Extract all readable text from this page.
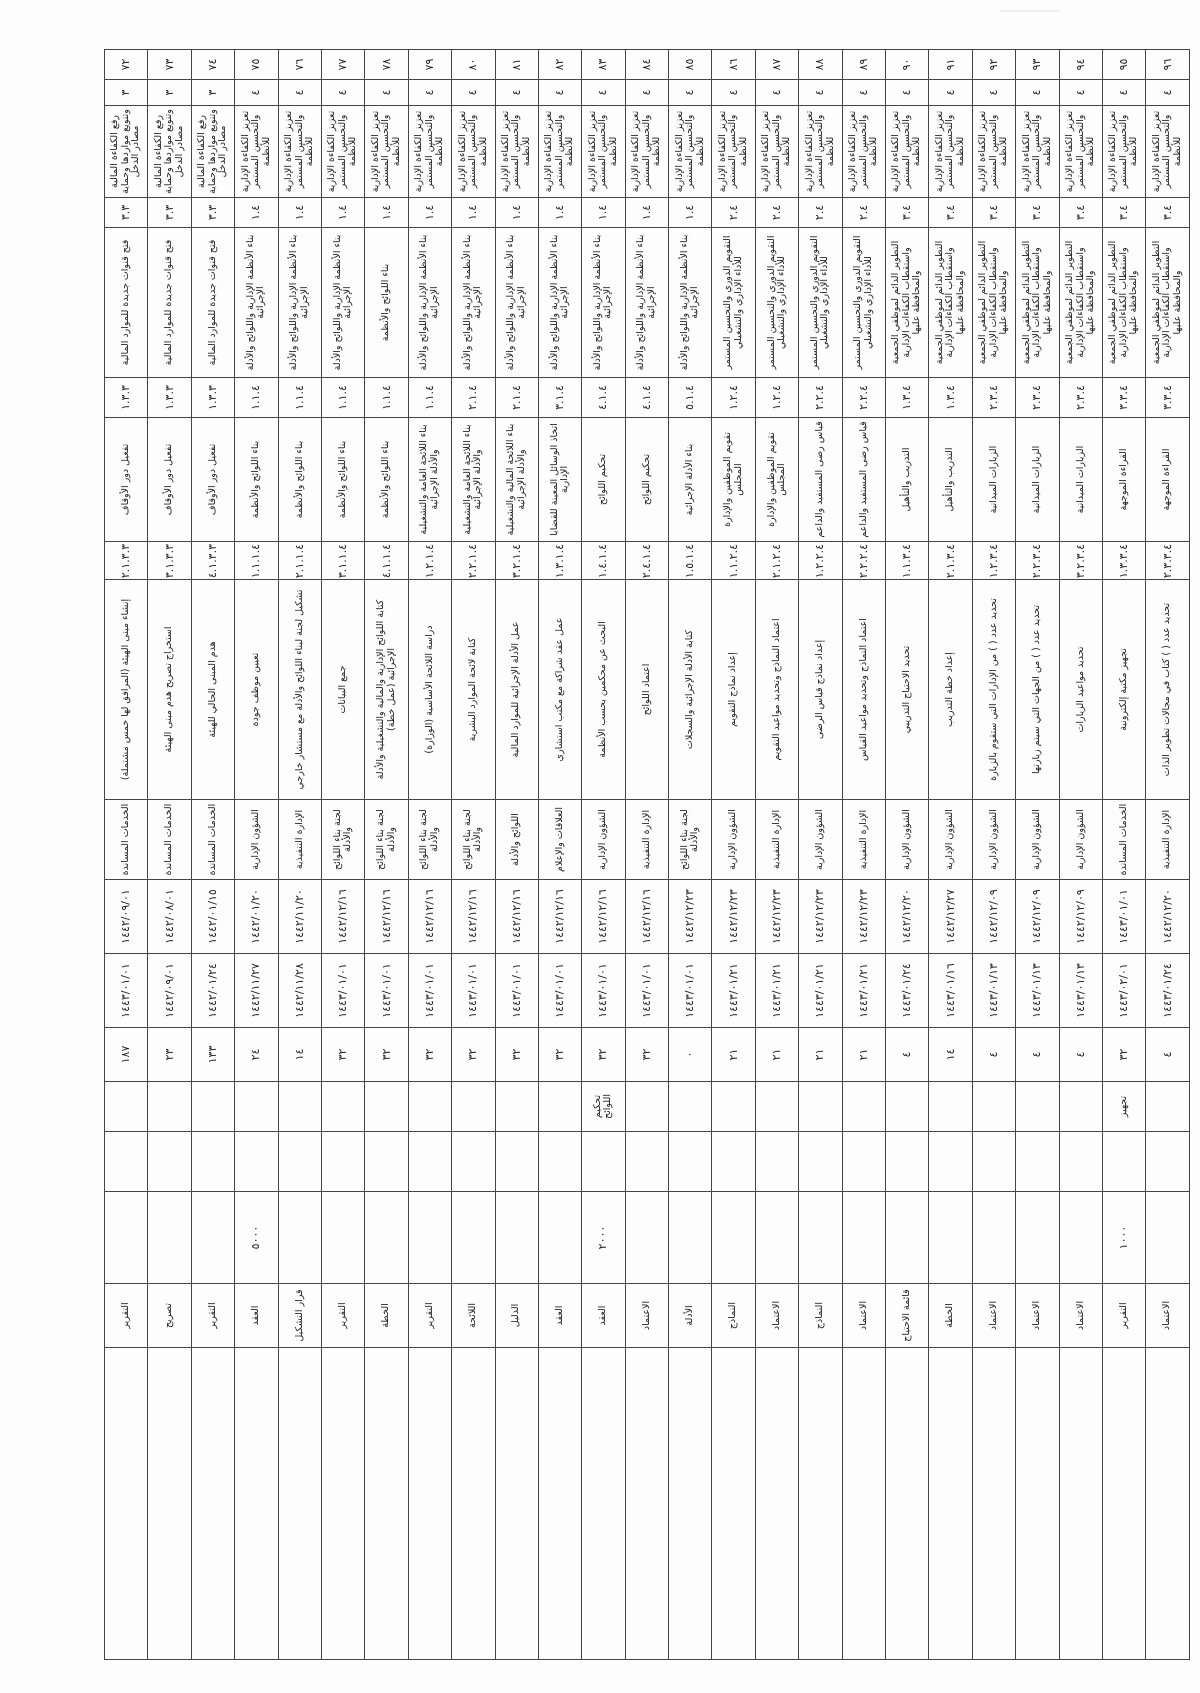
٧٢	٣	رفع الكفاءة المالية وتنويع مواردها وحماية مصادر الدخل	٣.٣	فتح قنوات جديدة للموارد المالية	١.٣.٣	تفعيل دور الأوقاف	٢.١.٣.٣	إنشاء مبنى الهيئة (المرافق لها خمس مشتملة)	الخدمات المساندة	١٤٤٢/٠٩/٠١	١٤٤٣/٠١/٠١	١٨٧				التقرير	
٧٣	٣	رفع الكفاءة المالية وتنويع مواردها وحماية مصادر الدخل	٣.٣	فتح قنوات جديدة للموارد المالية	١.٣.٣	تفعيل دور الأوقاف	٣.١.٣.٣	استخراج تصريح هدم مبنى الهيئة	الخدمات المساندة	١٤٤٢/٠٨/٠١	١٤٤٢/٠٩/٠١	٢٣				تصريح	
٧٤	٣	رفع الكفاءة المالية وتنويع مواردها وحماية مصادر الدخل	٣.٣	فتح قنوات جديدة للموارد المالية	١.٣.٣	تفعيل دور الأوقاف	٤.١.٣.٣	هدم المبنى الحالي للهيئة	الخدمات المساندة	١٤٤٢/٠١/١٥	١٤٤٢/٠١/٢٤	١٣٣				التقرير	
٧٥	٤	تعزيز الكفاءة الإدارية والتحسين المستمر للأنظمة	١.٤	بناء الأنظمة الإدارية واللوائح والأدلة الإجرائية	١.١.٤	بناء اللوائح والأنظمة	١.١.١.٤	تعيين موظف جودة	الشؤون الإدارية	١٤٤٢/٠١/٢٠	١٤٤٢/١١/٢٧	٢٤			٥٠٠٠	العقد	
٧٦	٤	تعزيز الكفاءة الإدارية والتحسين المستمر للأنظمة	١.٤	بناء الأنظمة الإدارية واللوائح والأدلة الإجرائية	١.١.٤	بناء اللوائح والأنظمة	٢.١.١.٤	تشكيل لجنة لبناء اللوائح والأدلة مع مستشار خارجي	الإدارة التنفيذية	١٤٤٢/١١/٢٠	١٤٤٢/١١/٢٨	١٤				قرار التشكيل	
٧٧	٤	تعزيز الكفاءة الإدارية والتحسين المستمر للأنظمة	١.٤	بناء الأنظمة الإدارية واللوائح والأدلة الإجرائية	١.١.٤	بناء اللوائح والأنظمة	٣.١.١.٤	جمع البيانات	لجنة بناء اللوائح والأدلة	١٤٤٢/١٢/١٦	١٤٤٣/٠١/٠١	٣٢				التقرير	
٧٨	٤	تعزيز الكفاءة الإدارية والتحسين المستمر للأنظمة	١.٤	بناء اللوائح والأنظمة	١.١.٤	بناء اللوائح والأنظمة	٤.١.١.٤	كتابة اللوائح الإدارية والمالية والتشغيلية والأدلة الإجرائية (عمل خطة)	لجنة بناء اللوائح والأدلة	١٤٤٢/١٢/١٦	١٤٤٣/٠١/٠١	٣٢				الخطة	
٧٩	٤	تعزيز الكفاءة الإدارية والتحسين المستمر للأنظمة	١.٤	بناء الأنظمة الإدارية واللوائح والأدلة الإجرائية	١.١.٤	بناء اللائحة العامة والتشغيلية والأدلة الإجرائية	١.٢.١.٤	دراسة اللائحة الأساسية (الوزارة)	لجنة بناء اللوائح والأدلة	١٤٤٢/١٢/١٦	١٤٤٣/٠١/٠١	٣٢				التقرير	
٨٠	٤	تعزيز الكفاءة الإدارية والتحسين المستمر للأنظمة	١.٤	بناء الأنظمة الإدارية واللوائح والأدلة الإجرائية	٢.١.٤	بناء اللائحة العامة والتشغيلية والأدلة الإجرائية	٢.٢.١.٤	كتابة لائحة الموارد البشرية	لجنة بناء اللوائح والأدلة	١٤٤٢/١٢/١٦	١٤٤٣/٠١/٠١	٣٢				اللائحة	
٨١	٤	تعزيز الكفاءة الإدارية والتحسين المستمر للأنظمة	١.٤	بناء الأنظمة الإدارية واللوائح والأدلة الإجرائية	٢.١.٤	بناء اللائحة المالية والتشغيلية والأدلة الإجرائية	٣.٢.١.٤	عمل الأدلة الإجرائية للموارد المالية	اللوائح والأدلة	١٤٤٢/١٢/١٦	١٤٤٣/٠١/٠١	٣٢				الدليل	
٨٢	٤	تعزيز الكفاءة الإدارية والتحسين المستمر للأنظمة	١.٤	بناء الأنظمة الإدارية واللوائح والأدلة الإجرائية	٣.١.٤	اتخاذ الوسائل المعينة للقضايا الإدارية	١.٣.١.٤	عمل عقد شراكة مع مكتب استشاري	العلاقات والإعلام	١٤٤٢/١٢/١٦	١٤٤٣/٠١/٠١	٣٢				العقد	
٨٣	٤	تعزيز الكفاءة الإدارية والتحسين المستمر للأنظمة	١.٤	بناء الأنظمة الإدارية واللوائح والأدلة الإجرائية	٤.١.٤	تحكيم اللوائح	١.٤.١.٤	البحث عن محكمين بحسب الأنظمة	الشؤون الإدارية	١٤٤٢/١٢/١٦	١٤٤٣/٠١/٠١	٣٢	تحكيم اللوائح		٢٠٠٠	العقد	
٨٤	٤	تعزيز الكفاءة الإدارية والتحسين المستمر للأنظمة	١.٤	بناء الأنظمة الإدارية واللوائح والأدلة الإجرائية	٤.١.٤	تحكيم اللوائح	٢.٤.١.٤	اعتماد اللوائح	الإدارة التنفيذية	١٤٤٢/١٢/١٦	١٤٤٣/٠١/٠١	٣٢				الاعتماد	
٨٥	٤	تعزيز الكفاءة الإدارية والتحسين المستمر للأنظمة	١.٤	بناء الأنظمة الإدارية واللوائح والأدلة الإجرائية	٥.١.٤	بناء الأدلة الإجرائية	١.٥.١.٤	كتابة الأدلة الإجرائية والسجلات	لجنة بناء اللوائح والأدلة	١٤٤٢/١٢/٢٣	١٤٤٣/٠١/٠١	٠				الأدلة	
٨٦	٤	تعزيز الكفاءة الإدارية والتحسين المستمر للأنظمة	٢.٤	التقويم الدوري والتحسين المستمر للأداء الإداري والتشغيلي	١.٢.٤	تقويم الموظفين والإدارة المجلس	١.١.٢.٤	إعداد نماذج التقويم	الشؤون الإدارية	١٤٤٢/١٢/٢٣	١٤٤٣/٠١/٢١	٢١				النماذج	
٨٧	٤	تعزيز الكفاءة الإدارية والتحسين المستمر للأنظمة	٢.٤	التقويم الدوري والتحسين المستمر للأداء الإداري والتشغيلي	١.٢.٤	تقويم الموظفين والإدارة المجلس	٢.١.٢.٤	اعتماد النماذج وتحديد مواعيد التقويم	الإدارة التنفيذية	١٤٤٢/١٢/٢٣	١٤٤٣/٠١/٢١	٢١				الاعتماد	
٨٨	٤	تعزيز الكفاءة الإدارية والتحسين المستمر للأنظمة	٢.٤	التقويم الدوري والتحسين المستمر للأداء الإداري والتشغيلي	٢.٢.٤	قياس رضى المستفيد والداعم	١.٢.٢.٤	إعداد نماذج قياس الرضى	الشؤون الإدارية	١٤٤٢/١٢/٢٣	١٤٤٣/٠١/٢١	٢١				النماذج	
٨٩	٤	تعزيز الكفاءة الإدارية والتحسين المستمر للأنظمة	٢.٤	التقويم الدوري والتحسين المستمر للأداء الإداري والتشغيلي	٢.٢.٤	قياس رضى المستفيد والداعم	٢.٢.٢.٤	اعتماد النماذج وتحديد مواعيد القياس	الإدارة التنفيذية	١٤٤٢/١٢/٢٣	١٤٤٣/٠١/٢١	٢١				الاعتماد	
٩٠	٤	تعزيز الكفاءة الإدارية والتحسين المستمر للأنظمة	٣.٤	التطوير الدائم لموظفي الجمعية واستقطاب الكفاءات الإدارية والمحافظة عليها	١.٣.٤	التدريب والتأهيل	١.١.٣.٤	تحديد الاحتياج التدريبي	الشؤون الإدارية	١٤٤٢/١٢/٢٠	١٤٤٣/٠١/٢٤	٤				قائمة الاحتياج	
٩١	٤	تعزيز الكفاءة الإدارية والتحسين المستمر للأنظمة	٣.٤	التطوير الدائم لموظفي الجمعية واستقطاب الكفاءات الإدارية والمحافظة عليها	١.٣.٤	التدريب والتأهيل	٢.١.٣.٤	إعداد خطة التدريب	الشؤون الإدارية	١٤٤٢/١٢/٢٧	١٤٤٣/٠١/١٦	١٤				الخطة	
٩٢	٤	تعزيز الكفاءة الإدارية والتحسين المستمر للأنظمة	٣.٤	التطوير الدائم لموظفي الجمعية واستقطاب الكفاءات الإدارية والمحافظة عليها	٢.٣.٤	الزيارات الميدانية	١.٢.٣.٤	تحديد عدد ( ) من الإدارات التي ستقوم بالزيارة	الشؤون الإدارية	١٤٤٢/١٢/٠٩	١٤٤٣/٠١/١٣	٤				الاعتماد	
٩٣	٤	تعزيز الكفاءة الإدارية والتحسين المستمر للأنظمة	٣.٤	التطوير الدائم لموظفي الجمعية واستقطاب الكفاءات الإدارية والمحافظة عليها	٢.٣.٤	الزيارات الميدانية	٢.٢.٣.٤	تحديد عدد ( ) من الجهات التي سيتم زيارتها	الشؤون الإدارية	١٤٤٢/١٢/٠٩	١٤٤٣/٠١/١٣	٤				الاعتماد	
٩٤	٤	تعزيز الكفاءة الإدارية والتحسين المستمر للأنظمة	٣.٤	التطوير الدائم لموظفي الجمعية واستقطاب الكفاءات الإدارية والمحافظة عليها	٢.٣.٤	الزيارات الميدانية	٣.٢.٣.٤	تحديد مواعيد الزيارات	الشؤون الإدارية	١٤٤٢/١٢/٠٩	١٤٤٣/٠١/١٣	٤				الاعتماد	
٩٥	٤	تعزيز الكفاءة الإدارية والتحسين المستمر للأنظمة	٣.٤	التطوير الدائم لموظفي الجمعية واستقطاب الكفاءات الإدارية والمحافظة عليها	٣.٣.٤	القراءة الموجهة	١.٣.٣.٤	تجهيز مكتبة إلكترونية	الخدمات المساندة	١٤٤٣/٠١/٠١	١٤٤٣/٠٢/٠١	٣٢	تجهيز		١٠٠٠	التقرير	
٩٦	٤	تعزيز الكفاءة الإدارية والتحسين المستمر للأنظمة	٣.٤	التطوير الدائم لموظفي الجمعية واستقطاب الكفاءات الإدارية والمحافظة عليها	٣.٣.٤	القراءة الموجهة	٢.٣.٣.٤	تحديد عدد ( ) كتاب في مجالات تطوير الذات	الإدارة التنفيذية	١٤٤٢/١٢/٢٠	١٤٤٣/٠١/٢٤	٤				الاعتماد	
